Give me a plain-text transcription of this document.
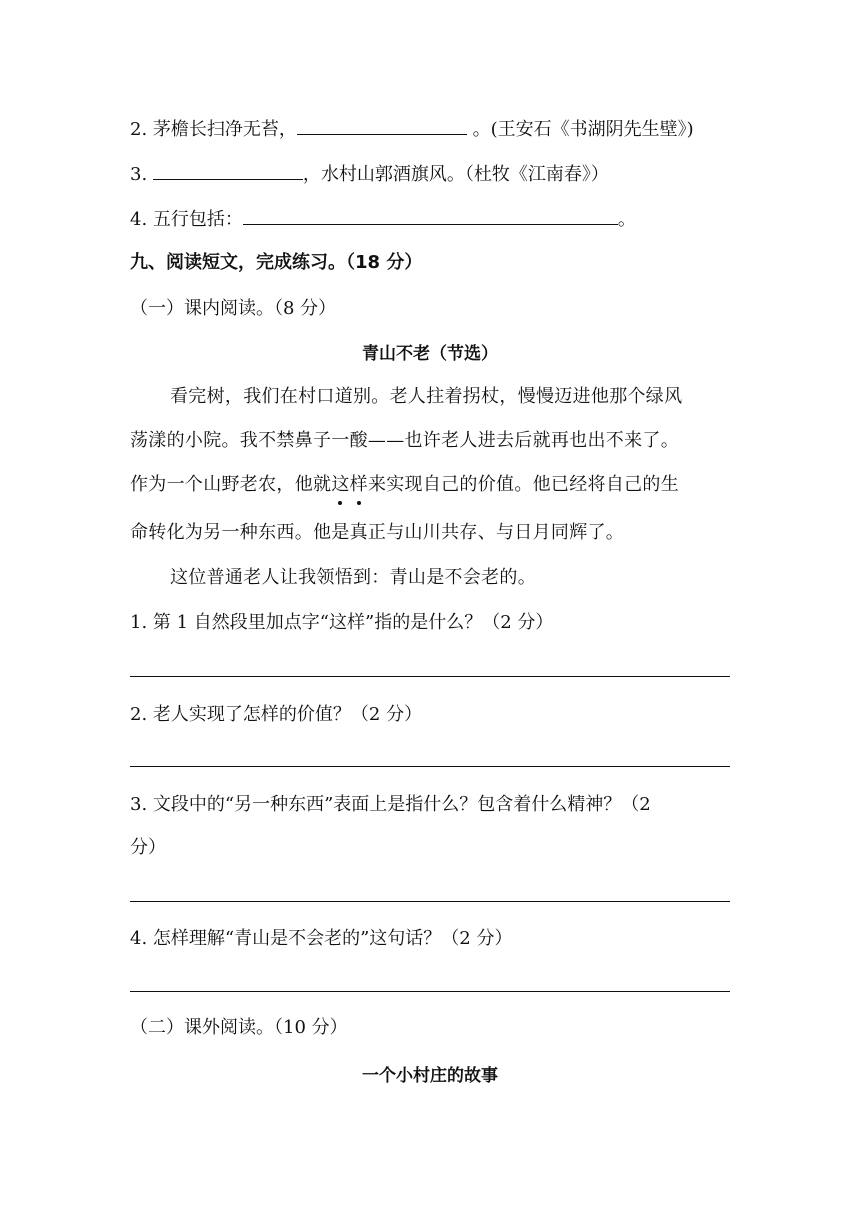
2. 茅檐长扫净无苔，	。(王安石《书湖阴先生壁》)
3.	，水村山郭酒旗风。（杜牧《江南春》）
4. 五行包括：	。
九、阅读短文，完成练习。（18 分）
（一）课内阅读。（8 分）
青山不老（节选）
看完树，我们在村口道别。老人拄着拐杖，慢慢迈进他那个绿风
荡漾的小院。我不禁鼻子一酸——也许老人进去后就再也出不来了。
作为一个山野老农，他就这样来实现自己的价值。他已经将自己的生
命转化为另一种东西。他是真正与山川共存、与日月同辉了。
这位普通老人让我领悟到：青山是不会老的。
1. 第 1 自然段里加点字“这样”指的是什么？（2 分）
2. 老人实现了怎样的价值？（2 分）
3. 文段中的“另一种东西”表面上是指什么？包含着什么精神？（2
分）
4. 怎样理解“青山是不会老的”这句话？（2 分）
（二）课外阅读。（10 分）
一个小村庄的故事
